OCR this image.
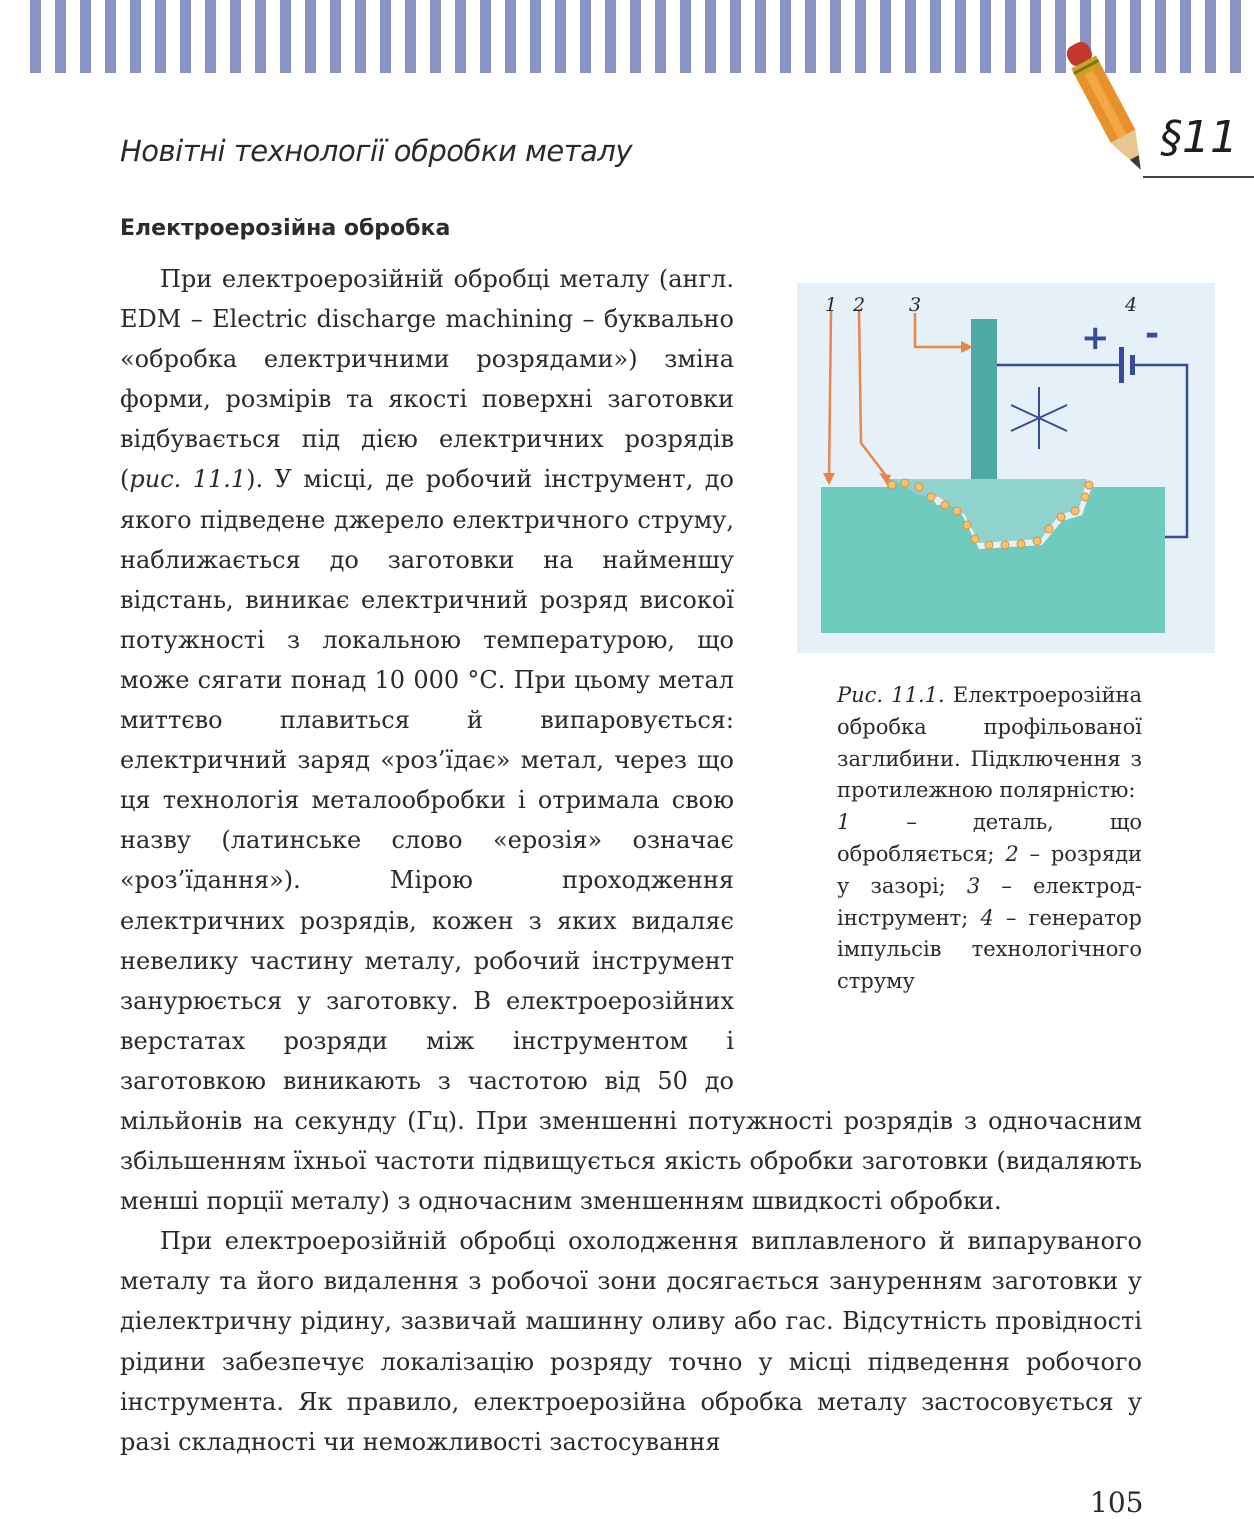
§11
Новітні технології обробки металу
Електроерозійна обробка

При електроерозійній обробці металу (англ. EDM – Electric discharge machining – буквально «обробка електричними розрядами») зміна форми, розмірів та якості поверхні заготовки відбувається під дією електричних розрядів (рис. 11.1). У місці, де робочий інструмент, до якого підведене джерело електричного струму, наближається до заготовки на найменшу відстань, виникає електричний розряд високої потужності з локальною температурою, що може сягати понад 10 000 °С. При цьому метал миттєво плавиться й випаровується: електричний заряд «роз’їдає» метал, через що ця технологія металообробки і отримала свою назву (латинське слово «ерозія» означає «роз’їдання»). Мірою проходження електричних розрядів, кожен з яких видаляє невелику частину металу, робочий інструмент занурюється у заготовку. В електроерозійних верстатах розряди між інструментом і заготовкою виникають з частотою від 50 до мільйонів на секунду (Гц). При зменшенні потужності розрядів з одночасним збільшенням їхньої частоти підвищується якість обробки заготовки (видаляють менші порції металу) з одночасним зменшенням швидкості обробки.

При електроерозійній обробці охолодження виплавленого й випаруваного металу та його видалення з робочої зони досягається зануренням заготовки у діелектричну рідину, зазвичай машинну оливу або гас. Відсутність провідності рідини забезпечує локалізацію розряду точно у місці підведення робочого інструмента. Як правило, електроерозійна обробка металу застосовується у разі складності чи неможливості застосування

+ -
1 2 3	4
Рис. 11.1. Електроерозійна обробка профільованої заглибини. Підключення з протилежною полярністю:
1 – деталь, що обробляється; 2 – розряди у зазорі; 3 – електрод-інструмент; 4 – генератор імпульсів технологічного струму
105
